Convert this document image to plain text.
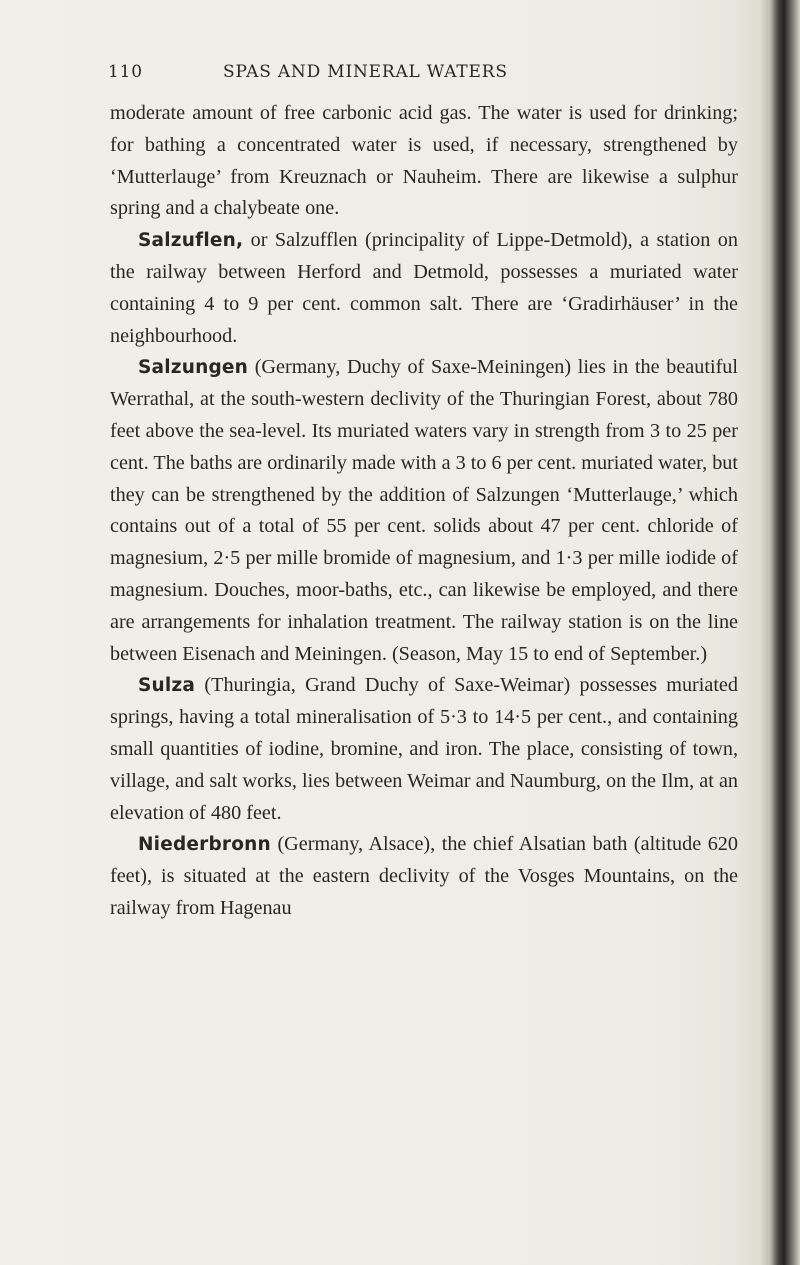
110	SPAS AND MINERAL WATERS

moderate amount of free carbonic acid gas. The water is used for drinking; for bathing a concentrated water is used, if necessary, strengthened by ‘Mutterlauge’ from Kreuznach or Nauheim. There are likewise a sulphur spring and a chalybeate one.

Salzuflen, or Salzufflen (principality of Lippe-Detmold), a station on the railway between Herford and Detmold, possesses a muriated water containing 4 to 9 per cent. common salt. There are ‘Gradirhäuser’ in the neighbourhood.

Salzungen (Germany, Duchy of Saxe-Meiningen) lies in the beautiful Werrathal, at the south-western declivity of the Thuringian Forest, about 780 feet above the sea-level. Its muriated waters vary in strength from 3 to 25 per cent. The baths are ordinarily made with a 3 to 6 per cent. muriated water, but they can be strengthened by the addition of Salzungen ‘Mutterlauge,’ which contains out of a total of 55 per cent. solids about 47 per cent. chloride of magnesium, 2·5 per mille bromide of magnesium, and 1·3 per mille iodide of magnesium. Douches, moor-baths, etc., can likewise be employed, and there are arrangements for inhalation treatment. The railway station is on the line between Eisenach and Meiningen. (Season, May 15 to end of September.)

Sulza (Thuringia, Grand Duchy of Saxe-Weimar) possesses muriated springs, having a total mineralisation of 5·3 to 14·5 per cent., and containing small quantities of iodine, bromine, and iron. The place, consisting of town, village, and salt works, lies between Weimar and Naumburg, on the Ilm, at an elevation of 480 feet.

Niederbronn (Germany, Alsace), the chief Alsatian bath (altitude 620 feet), is situated at the eastern declivity of the Vosges Mountains, on the railway from Hagenau
